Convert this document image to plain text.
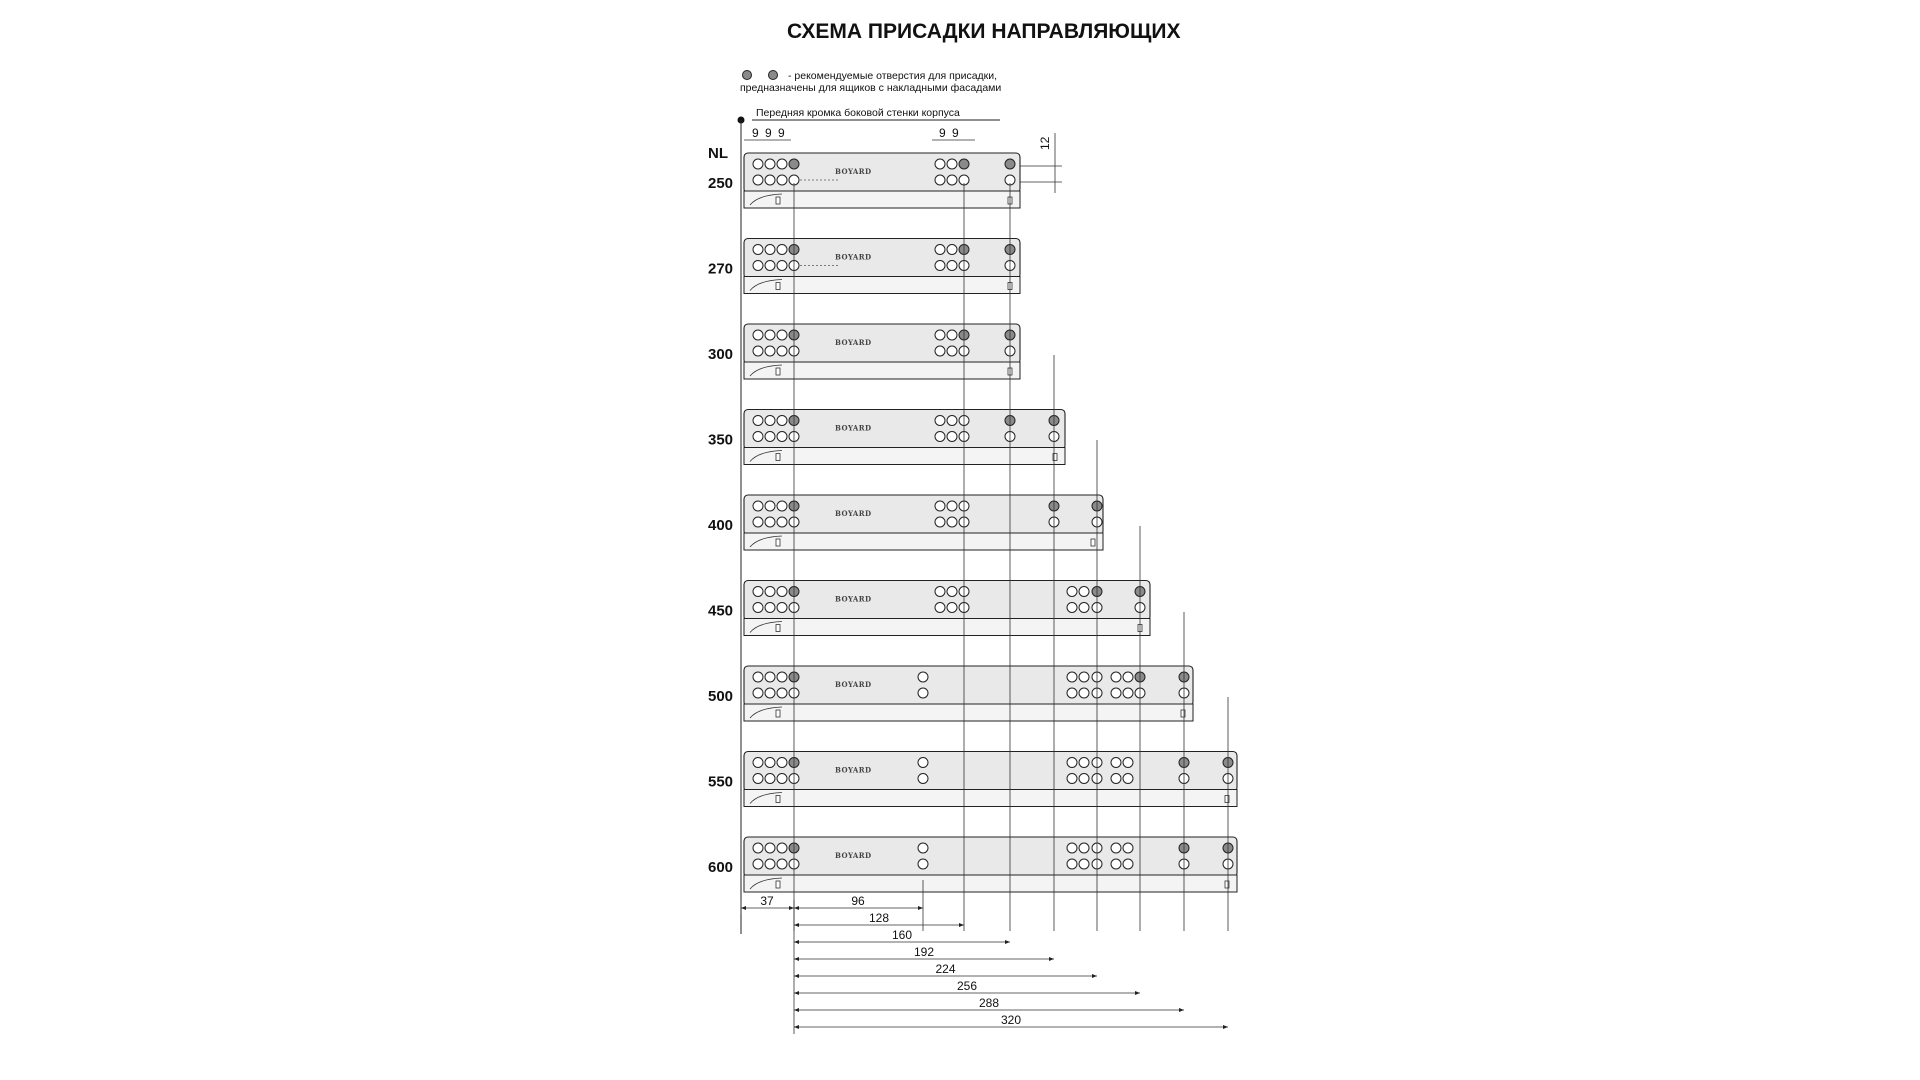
СХЕМА ПРИСАДКИ НАПРАВЛЯЮЩИХ
- рекомендуемые отверстия для присадки,
предназначены для ящиков с накладными фасадами
Передняя кромка боковой стенки корпуса
NL
9 9 9	9 9
12
250
BOYARD
270
BOYARD
300
BOYARD
350
BOYARD
400
BOYARD
450
BOYARD
500
BOYARD
550
BOYARD
600
BOYARD
37	96
128
160
192
224
256
288
320
